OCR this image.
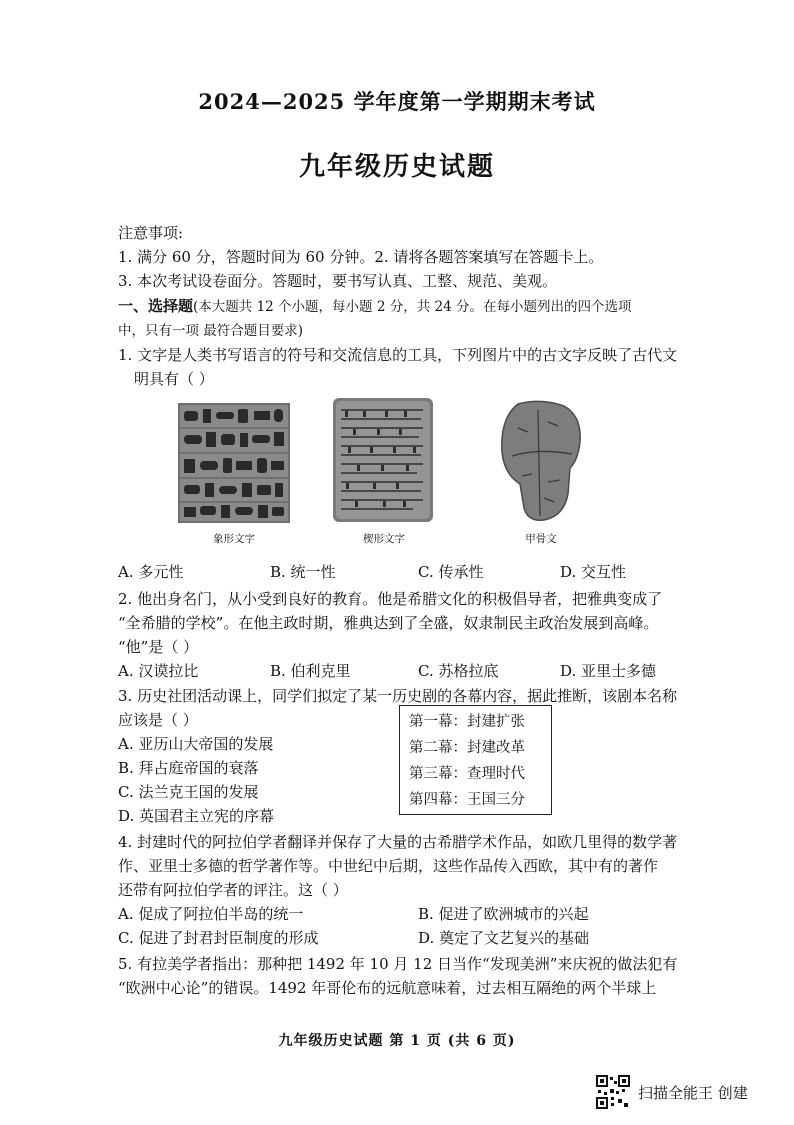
2024—2025 学年度第一学期期末考试
九年级历史试题
注意事项:
1. 满分 60 分，答题时间为 60 分钟。2. 请将各题答案填写在答题卡上。
3. 本次考试设卷面分。答题时，要书写认真、工整、规范、美观。
一、选择题(本大题共 12 个小题，每小题 2 分，共 24 分。在每小题列出的四个选项
中，只有一项 最符合题目要求)
1. 文字是人类书写语言的符号和交流信息的工具，下列图片中的古文字反映了古代文
明具有（ ）
象形文字	楔形文字	甲骨文
A. 多元性	B. 统一性	C. 传承性	D. 交互性
2. 他出身名门，从小受到良好的教育。他是希腊文化的积极倡导者，把雅典变成了
“全希腊的学校”。在他主政时期，雅典达到了全盛，奴隶制民主政治发展到高峰。
“他”是（ ）
A. 汉谟拉比	B. 伯利克里	C. 苏格拉底	D. 亚里士多德
3. 历史社团活动课上，同学们拟定了某一历史剧的各幕内容，据此推断，该剧本名称
应该是（ ）
A. 亚历山大帝国的发展
B. 拜占庭帝国的衰落
C. 法兰克王国的发展
D. 英国君主立宪的序幕
第一幕：封建扩张
第二幕：封建改革
第三幕：查理时代
第四幕：王国三分
4. 封建时代的阿拉伯学者翻译并保存了大量的古希腊学术作品，如欧几里得的数学著
作、亚里士多德的哲学著作等。中世纪中后期，这些作品传入西欧，其中有的著作
还带有阿拉伯学者的评注。这（ ）
A. 促成了阿拉伯半岛的统一	B. 促进了欧洲城市的兴起
C. 促进了封君封臣制度的形成	D. 奠定了文艺复兴的基础
5. 有拉美学者指出：那种把 1492 年 10 月 12 日当作“发现美洲”来庆祝的做法犯有
“欧洲中心论”的错误。1492 年哥伦布的远航意味着，过去相互隔绝的两个半球上
九年级历史试题 第 1 页 (共 6 页)
扫描全能王 创建
